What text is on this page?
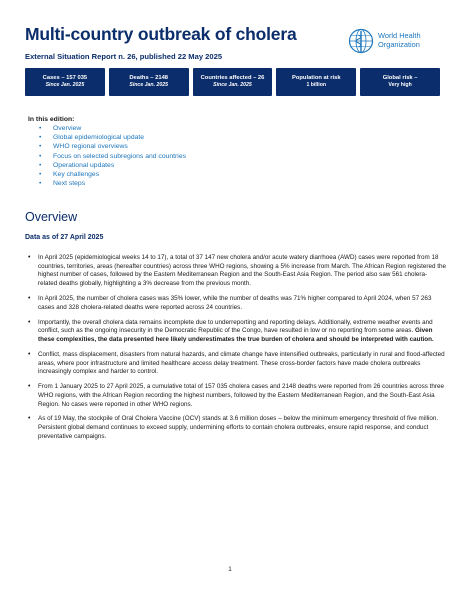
Multi-country outbreak of cholera
External Situation Report n. 26, published 22 May 2025
World Health
Organization
Cases – 157 035
Since Jan. 2025
Deaths – 2148
Since Jan. 2025
Countries affected – 26
Since Jan. 2025
Population at risk
1 billion
Global risk –
Very high
In this edition:
• Overview
• Global epidemiological update
• WHO regional overviews
• Focus on selected subregions and countries
• Operational updates
• Key challenges
• Next steps
Overview
Data as of 27 April 2025
• In April 2025 (epidemiological weeks 14 to 17), a total of 37 147 new cholera and/or acute watery diarrhoea (AWD) cases were reported from 18 countries, territories, areas (hereafter countries) across three WHO regions, showing a 5% increase from March. The African Region registered the highest number of cases, followed by the Eastern Mediterranean Region and the South-East Asia Region. The period also saw 561 cholera-related deaths globally, highlighting a 3% decrease from the previous month.
• In April 2025, the number of cholera cases was 35% lower, while the number of deaths was 71% higher compared to April 2024, when 57 263 cases and 328 cholera-related deaths were reported across 24 countries.
• Importantly, the overall cholera data remains incomplete due to underreporting and reporting delays. Additionally, extreme weather events and conflict, such as the ongoing insecurity in the Democratic Republic of the Congo, have resulted in low or no reporting from some areas. Given these complexities, the data presented here likely underestimates the true burden of cholera and should be interpreted with caution.
• Conflict, mass displacement, disasters from natural hazards, and climate change have intensified outbreaks, particularly in rural and flood-affected areas, where poor infrastructure and limited healthcare access delay treatment. These cross-border factors have made cholera outbreaks increasingly complex and harder to control.
• From 1 January 2025 to 27 April 2025, a cumulative total of 157 035 cholera cases and 2148 deaths were reported from 26 countries across three WHO regions, with the African Region recording the highest numbers, followed by the Eastern Mediterranean Region, and the South-East Asia Region. No cases were reported in other WHO regions.
• As of 19 May, the stockpile of Oral Cholera Vaccine (OCV) stands at 3.6 million doses – below the minimum emergency threshold of five million. Persistent global demand continues to exceed supply, undermining efforts to contain cholera outbreaks, ensure rapid response, and conduct preventative campaigns.
1
